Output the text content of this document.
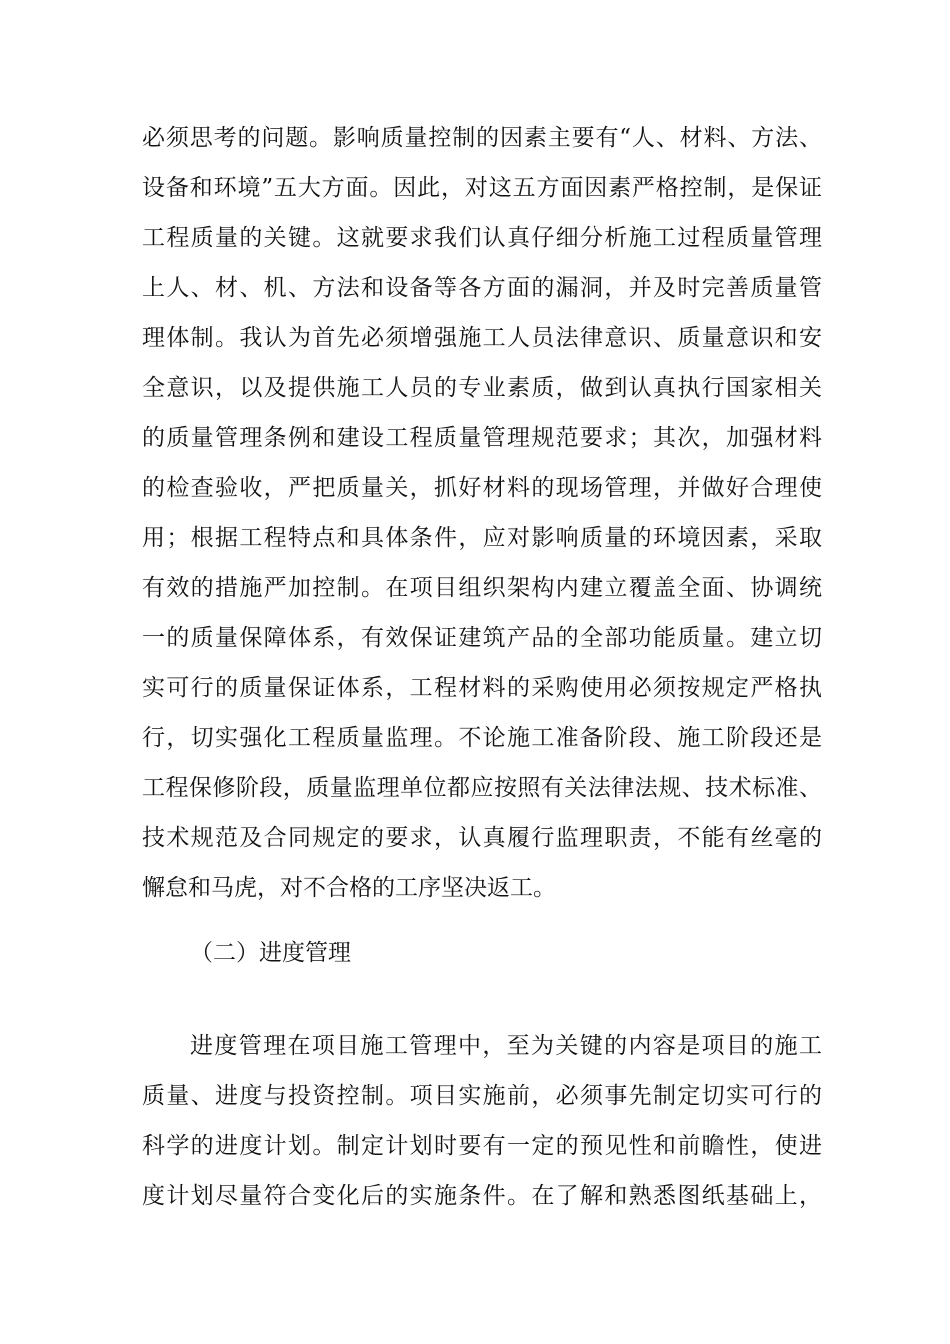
必须思考的问题。影响质量控制的因素主要有“人、材料、方法、
设备和环境”五大方面。因此，对这五方面因素严格控制，是保证
工程质量的关键。这就要求我们认真仔细分析施工过程质量管理
上人、材、机、方法和设备等各方面的漏洞，并及时完善质量管
理体制。我认为首先必须增强施工人员法律意识、质量意识和安
全意识，以及提供施工人员的专业素质，做到认真执行国家相关
的质量管理条例和建设工程质量管理规范要求；其次，加强材料
的检查验收，严把质量关，抓好材料的现场管理，并做好合理使
用；根据工程特点和具体条件，应对影响质量的环境因素，采取
有效的措施严加控制。在项目组织架构内建立覆盖全面、协调统
一的质量保障体系，有效保证建筑产品的全部功能质量。建立切
实可行的质量保证体系，工程材料的采购使用必须按规定严格执
行，切实强化工程质量监理。不论施工准备阶段、施工阶段还是
工程保修阶段，质量监理单位都应按照有关法律法规、技术标准、
技术规范及合同规定的要求，认真履行监理职责，不能有丝毫的
懈怠和马虎，对不合格的工序坚决返工。
（二）进度管理
进度管理在项目施工管理中，至为关键的内容是项目的施工
质量、进度与投资控制。项目实施前，必须事先制定切实可行的
科学的进度计划。制定计划时要有一定的预见性和前瞻性，使进
度计划尽量符合变化后的实施条件。在了解和熟悉图纸基础上，
